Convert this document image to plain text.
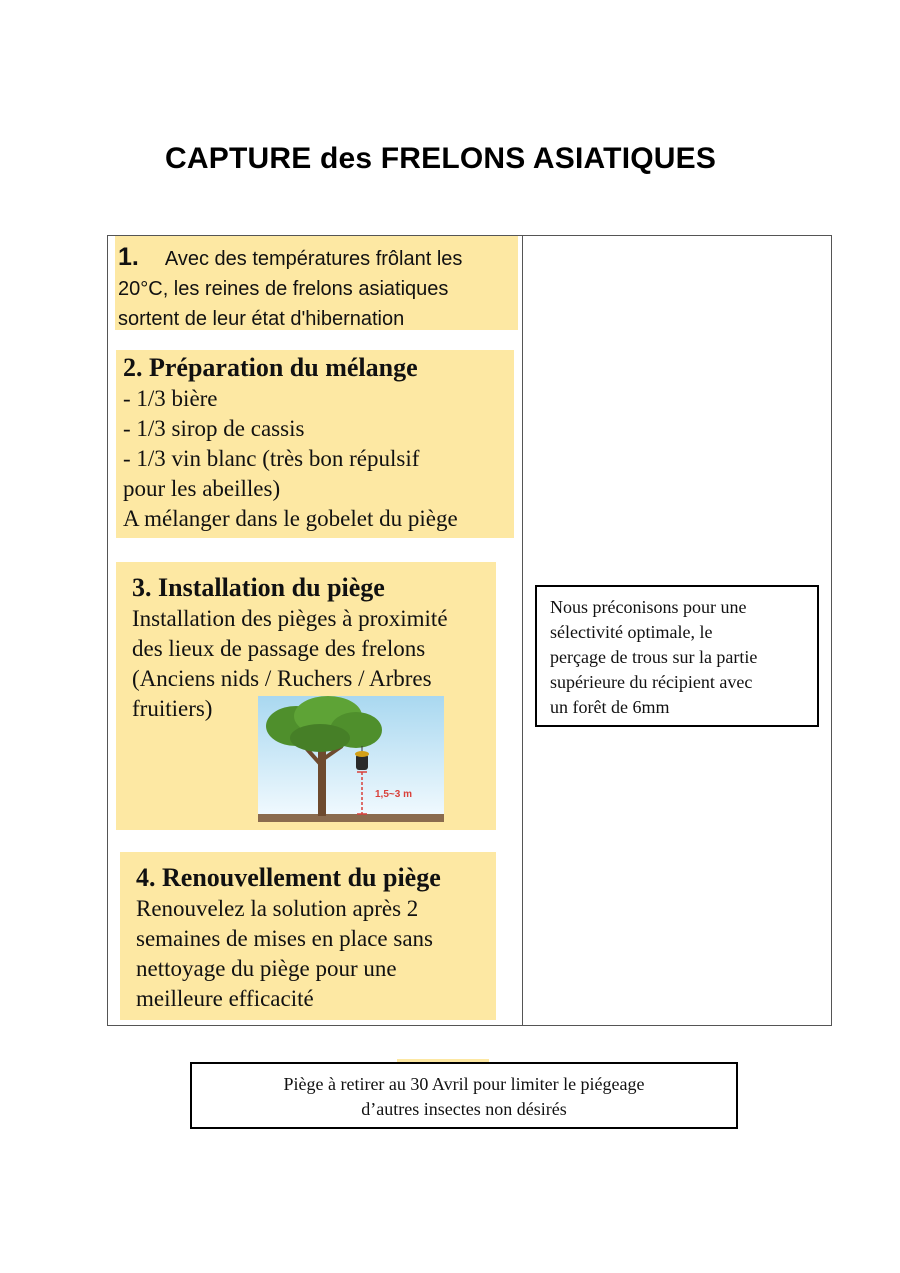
CAPTURE des FRELONS ASIATIQUES
1. Avec des températures frôlant les
20°C, les reines de frelons asiatiques
sortent de leur état d'hibernation
2. Préparation du mélange
- 1/3 bière
- 1/3 sirop de cassis
- 1/3 vin blanc (très bon répulsif
pour les abeilles)
A mélanger dans le gobelet du piège
3. Installation du piège
Installation des pièges à proximité
des lieux de passage des frelons
(Anciens nids / Ruchers / Arbres
fruitiers)
1,5~3 m
4. Renouvellement du piège
Renouvelez la solution après 2
semaines de mises en place sans
nettoyage du piège pour une
meilleure efficacité
Nous préconisons pour une
sélectivité optimale, le
perçage de trous sur la partie
supérieure du récipient avec
un forêt de 6mm
Piège à retirer au 30 Avril pour limiter le piégeage
d’autres insectes non désirés
